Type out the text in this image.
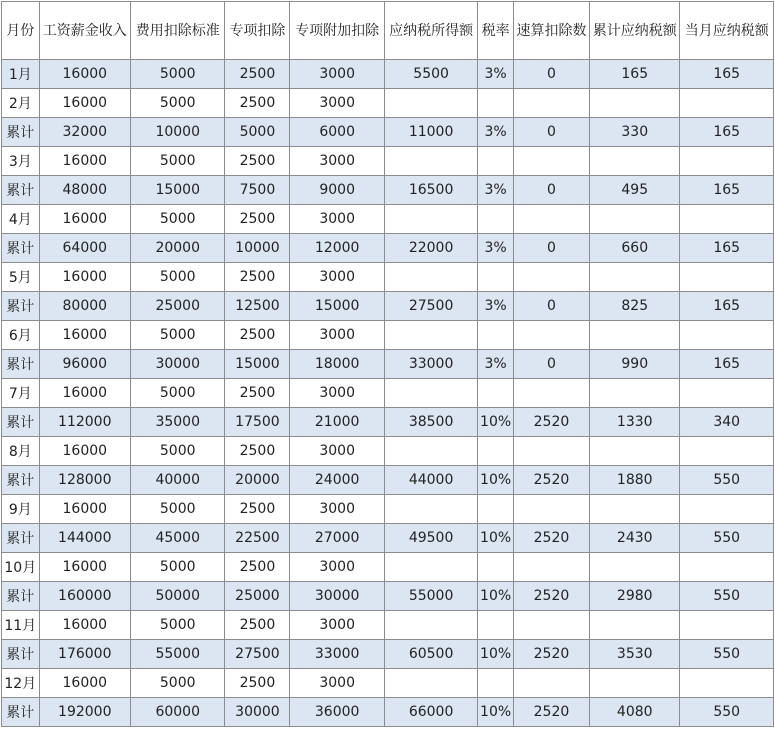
月份	工资薪金收入	费用扣除标准	专项扣除	专项附加扣除	应纳税所得额	税率	速算扣除数	累计应纳税额	当月应纳税额
1月	16000	5000	2500	3000	5500	3%	0	165	165
2月	16000	5000	2500	3000					
累计	32000	10000	5000	6000	11000	3%	0	330	165
3月	16000	5000	2500	3000					
累计	48000	15000	7500	9000	16500	3%	0	495	165
4月	16000	5000	2500	3000					
累计	64000	20000	10000	12000	22000	3%	0	660	165
5月	16000	5000	2500	3000					
累计	80000	25000	12500	15000	27500	3%	0	825	165
6月	16000	5000	2500	3000					
累计	96000	30000	15000	18000	33000	3%	0	990	165
7月	16000	5000	2500	3000					
累计	112000	35000	17500	21000	38500	10%	2520	1330	340
8月	16000	5000	2500	3000					
累计	128000	40000	20000	24000	44000	10%	2520	1880	550
9月	16000	5000	2500	3000					
累计	144000	45000	22500	27000	49500	10%	2520	2430	550
10月	16000	5000	2500	3000					
累计	160000	50000	25000	30000	55000	10%	2520	2980	550
11月	16000	5000	2500	3000					
累计	176000	55000	27500	33000	60500	10%	2520	3530	550
12月	16000	5000	2500	3000					
累计	192000	60000	30000	36000	66000	10%	2520	4080	550
